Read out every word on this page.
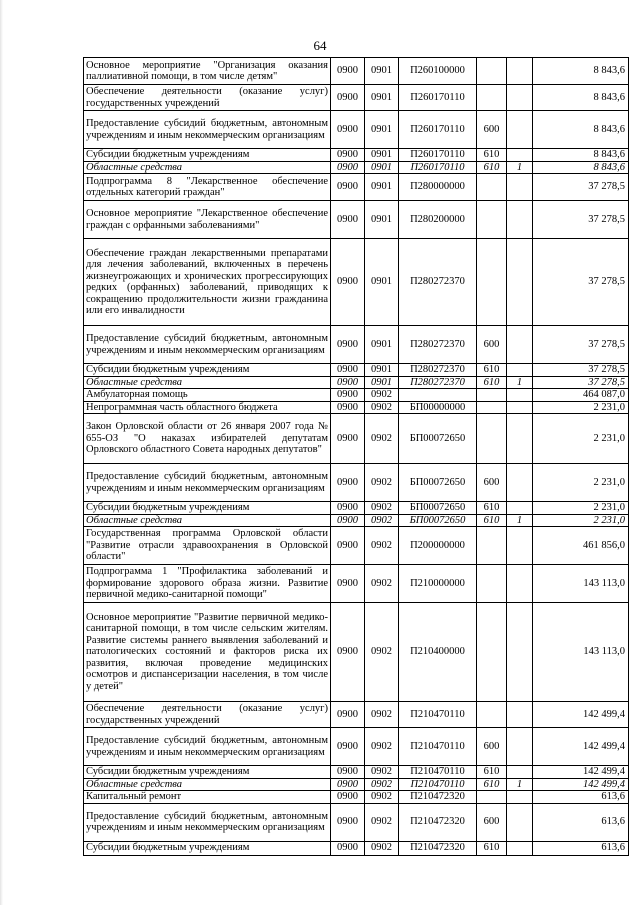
64
Основное мероприятие "Организация оказания паллиативной помощи, в том числе детям"	0900	0901	П260100000			8 843,6
Обеспечение деятельности (оказание услуг) государственных учреждений	0900	0901	П260170110			8 843,6
Предоставление субсидий бюджетным, автономным учреждениям и иным некоммерческим организациям	0900	0901	П260170110	600		8 843,6
Субсидии бюджетным учреждениям	0900	0901	П260170110	610		8 843,6
Областные средства	0900	0901	П260170110	610	1	8 843,6
Подпрограмма 8 "Лекарственное обеспечение отдельных категорий граждан"	0900	0901	П280000000			37 278,5
Основное мероприятие "Лекарственное обеспечение граждан с орфанными заболеваниями"	0900	0901	П280200000			37 278,5
Обеспечение граждан лекарственными препаратами для лечения заболеваний, включенных в перечень жизнеугрожающих и хронических прогрессирующих редких (орфанных) заболеваний, приводящих к сокращению продолжительности жизни гражданина или его инвалидности	0900	0901	П280272370			37 278,5
Предоставление субсидий бюджетным, автономным учреждениям и иным некоммерческим организациям	0900	0901	П280272370	600		37 278,5
Субсидии бюджетным учреждениям	0900	0901	П280272370	610		37 278,5
Областные средства	0900	0901	П280272370	610	1	37 278,5
Амбулаторная помощь	0900	0902				464 087,0
Непрограммная часть областного бюджета	0900	0902	БП00000000			2 231,0
Закон Орловской области от 26 января 2007 года № 655-ОЗ "О наказах избирателей депутатам Орловского областного Совета народных депутатов"	0900	0902	БП00072650			2 231,0
Предоставление субсидий бюджетным, автономным учреждениям и иным некоммерческим организациям	0900	0902	БП00072650	600		2 231,0
Субсидии бюджетным учреждениям	0900	0902	БП00072650	610		2 231,0
Областные средства	0900	0902	БП00072650	610	1	2 231,0
Государственная программа Орловской области "Развитие отрасли здравоохранения в Орловской области"	0900	0902	П200000000			461 856,0
Подпрограмма 1 "Профилактика заболеваний и формирование здорового образа жизни. Развитие первичной медико-санитарной помощи"	0900	0902	П210000000			143 113,0
Основное мероприятие "Развитие первичной медико-санитарной помощи, в том числе сельским жителям. Развитие системы раннего выявления заболеваний и патологических состояний и факторов риска их развития, включая проведение медицинских осмотров и диспансеризации населения, в том числе у детей"	0900	0902	П210400000			143 113,0
Обеспечение деятельности (оказание услуг) государственных учреждений	0900	0902	П210470110			142 499,4
Предоставление субсидий бюджетным, автономным учреждениям и иным некоммерческим организациям	0900	0902	П210470110	600		142 499,4
Субсидии бюджетным учреждениям	0900	0902	П210470110	610		142 499,4
Областные средства	0900	0902	П210470110	610	1	142 499,4
Капитальный ремонт	0900	0902	П210472320			613,6
Предоставление субсидий бюджетным, автономным учреждениям и иным некоммерческим организациям	0900	0902	П210472320	600		613,6
Субсидии бюджетным учреждениям	0900	0902	П210472320	610		613,6
